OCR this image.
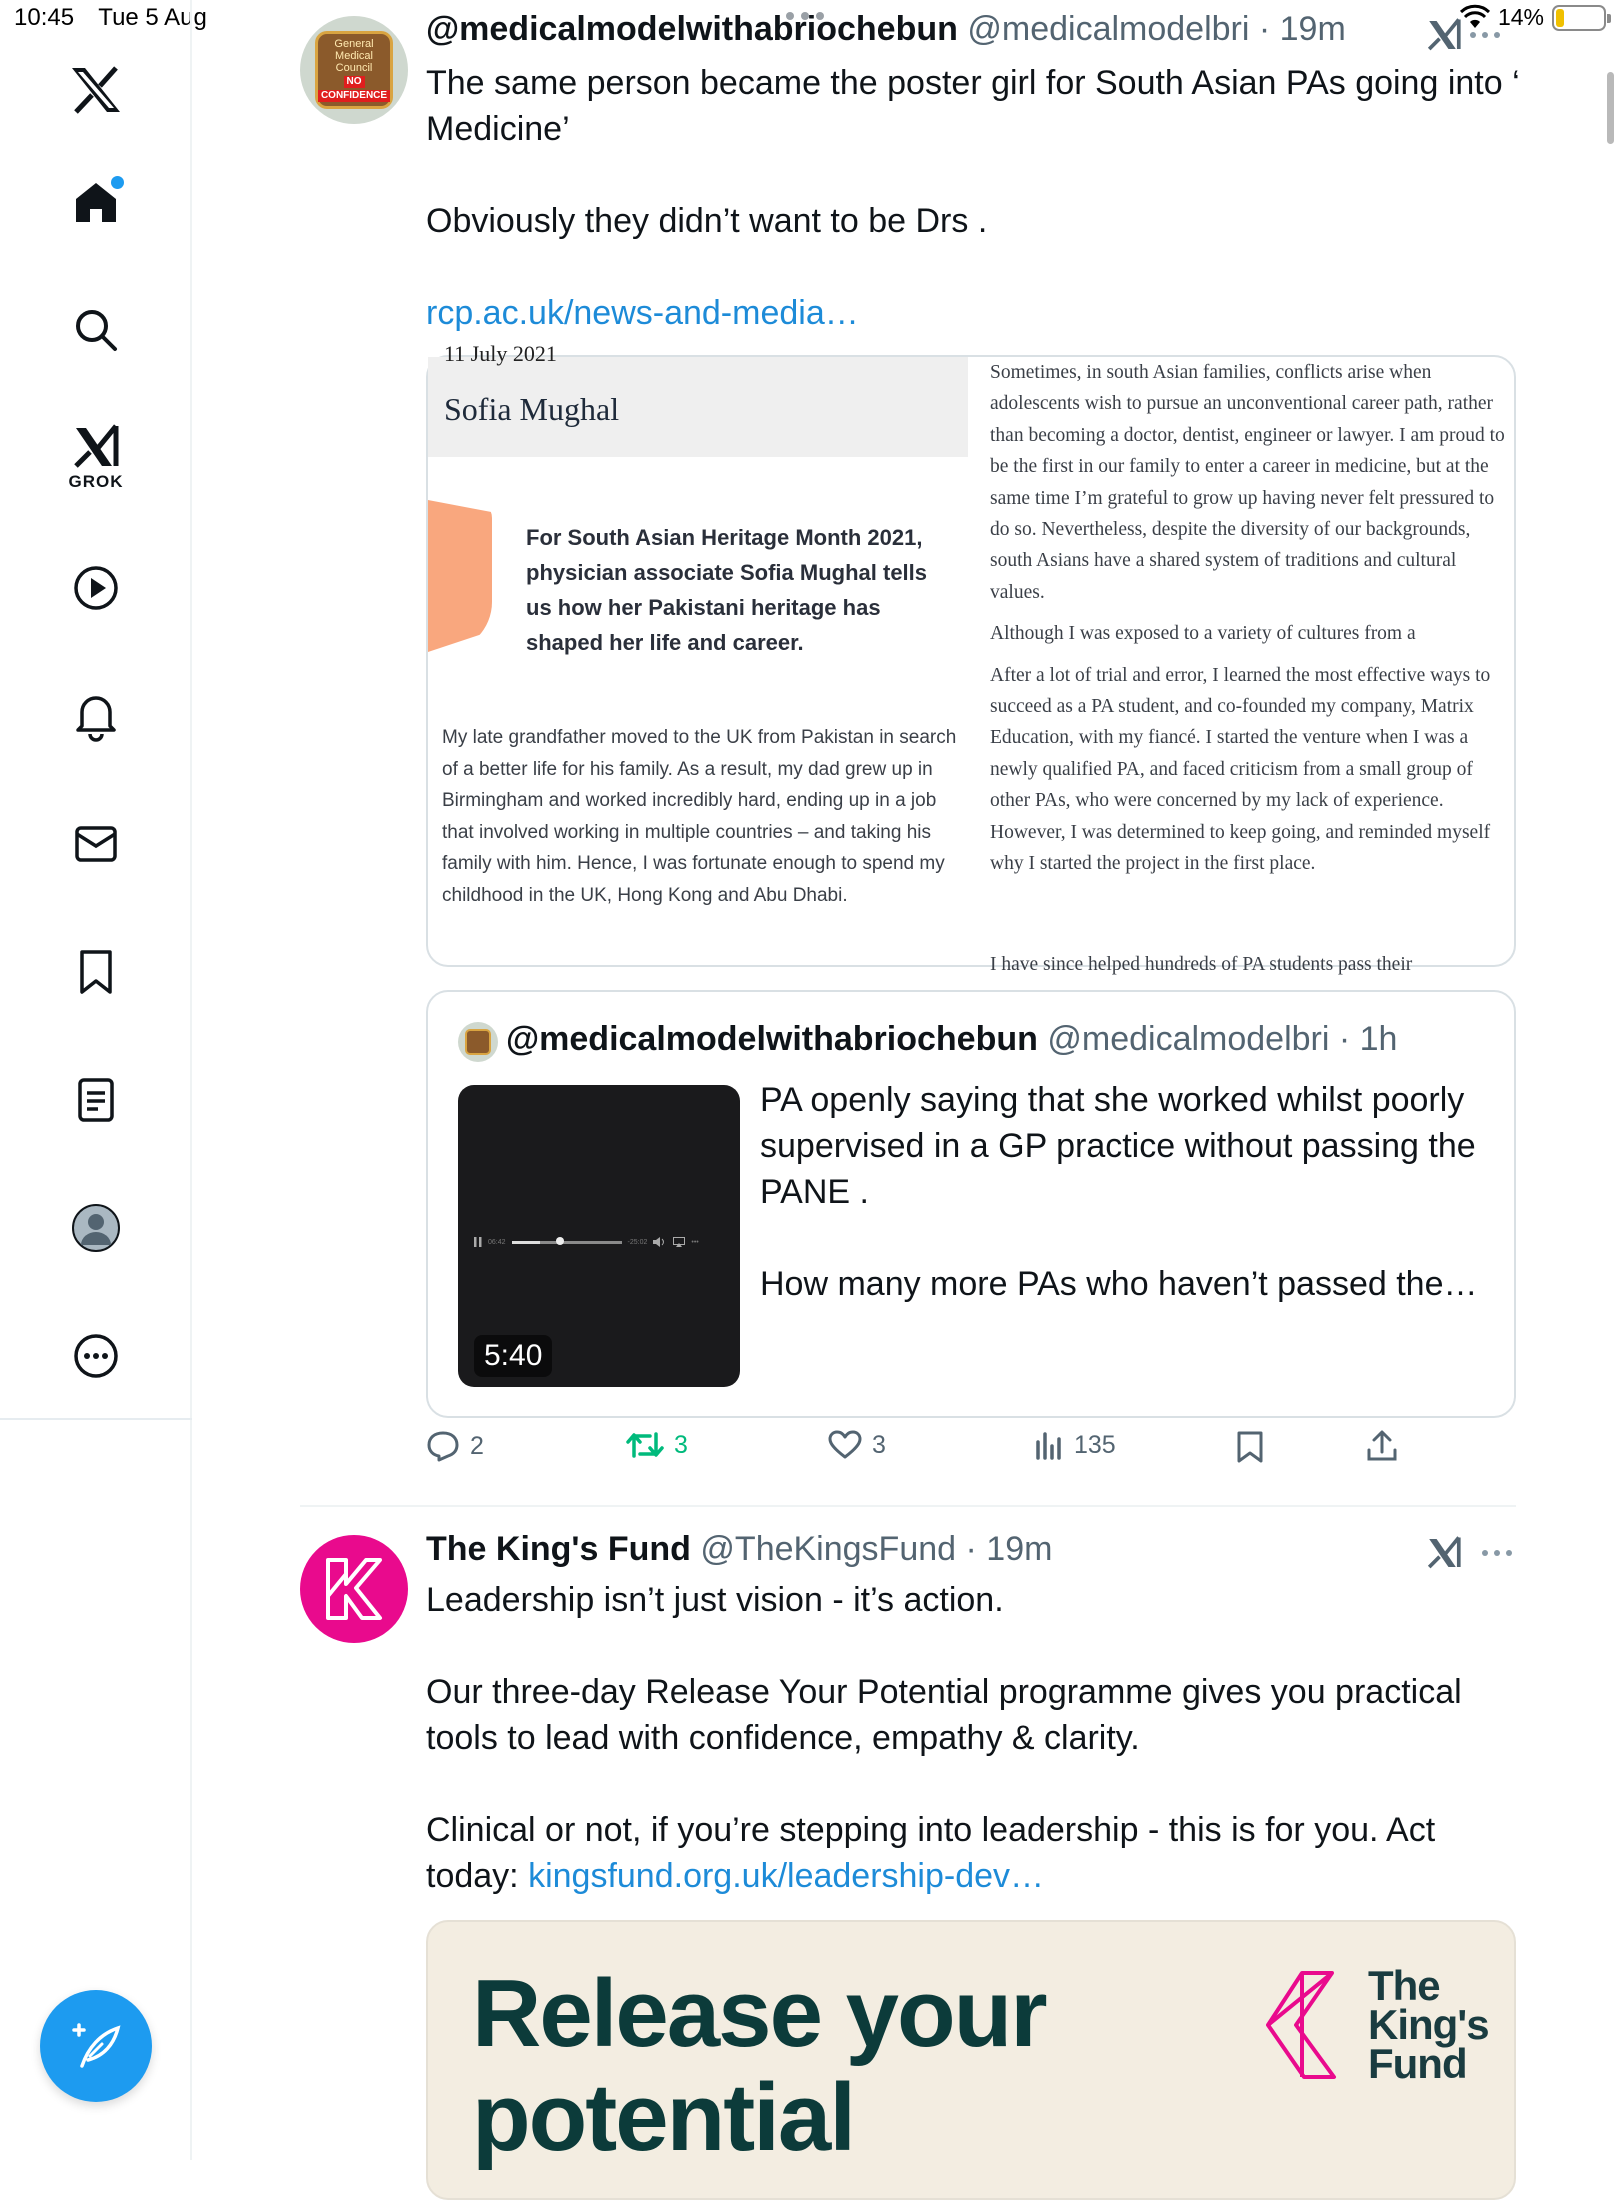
10:45 Tue 5 Aug	14%
GROK
General
Medical
Council
NO
CONFIDENCE
@medicalmodelwithabriochebun @medicalmodelbri · 19m
The same person became the poster girl for South Asian PAs going into ‘ Medicine’
Obviously they didn’t want to be Drs .
rcp.ac.uk/news-and-media…
11 July 2021
Sofia Mughal
For South Asian Heritage Month 2021, physician associate Sofia Mughal tells us how her Pakistani heritage has shaped her life and career.
My late grandfather moved to the UK from Pakistan in search of a better life for his family. As a result, my dad grew up in Birmingham and worked incredibly hard, ending up in a job that involved working in multiple countries – and taking his family with him. Hence, I was fortunate enough to spend my childhood in the UK, Hong Kong and Abu Dhabi.

Sometimes, in south Asian families, conflicts arise when adolescents wish to pursue an unconventional career path, rather than becoming a doctor, dentist, engineer or lawyer. I am proud to be the first in our family to enter a career in medicine, but at the same time I’m grateful to grow up having never felt pressured to do so. Nevertheless, despite the diversity of our backgrounds, south Asians have a shared system of traditions and cultural values.

Although I was exposed to a variety of cultures from a

After a lot of trial and error, I learned the most effective ways to succeed as a PA student, and co-founded my company, Matrix Education, with my fiancé. I started the venture when I was a newly qualified PA, and faced criticism from a small group of other PAs, who were concerned by my lack of experience. However, I was determined to keep going, and reminded myself why I started the project in the first place.

I have since helped hundreds of PA students pass their
@medicalmodelwithabriochebun @medicalmodelbri · 1h
06:42	-25:02	•••
5:40
PA openly saying that she worked whilst poorly supervised in a GP practice without passing the PANE .
How many more PAs who haven’t passed the…
2	3	3	135
The King's Fund @TheKingsFund · 19m
Leadership isn’t just vision - it’s action.
Our three-day Release Your Potential programme gives you practical tools to lead with confidence, empathy & clarity.
Clinical or not, if you’re stepping into leadership - this is for you. Act today: kingsfund.org.uk/leadership-dev…
Release your
potential
The
King's
Fund
